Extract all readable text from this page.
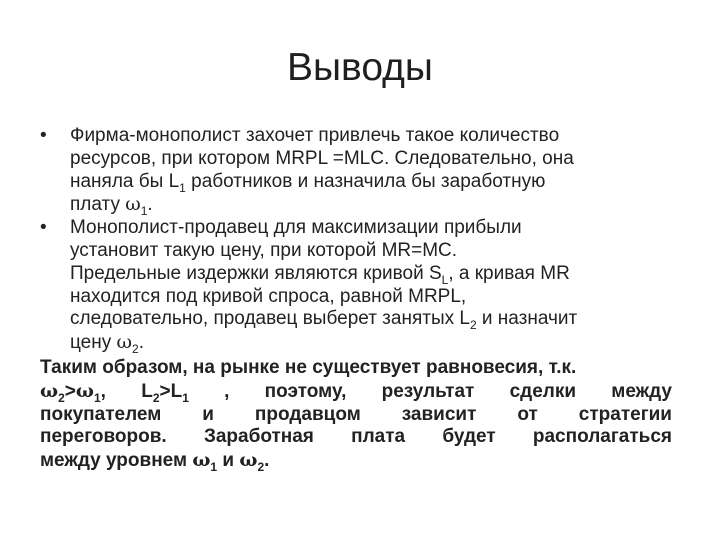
Выводы
•	Фирма-монополист захочет привлечь такое количество
ресурсов, при котором MRPL =MLC. Следовательно, она
наняла бы $L_1$ работников и назначила бы заработную
плату $\omega_1$.
•	Монополист-продавец для максимизации прибыли
установит такую цену, при которой MR=MC.
Предельные издержки являются кривой $S_L$, а кривая MR
находится под кривой спроса, равной MRPL,
следовательно, продавец выберет занятых $L_2$ и назначит
цену $\omega_2$.
Таким образом, на рынке не существует равновесия, т.к.
$\omega_2>\omega_1$, $L_2>L_1$ , поэтому, результат сделки между
покупателем и продавцом зависит от стратегии
переговоров. Заработная плата будет располагаться
между уровнем $\omega_1$ и $\omega_2$.
